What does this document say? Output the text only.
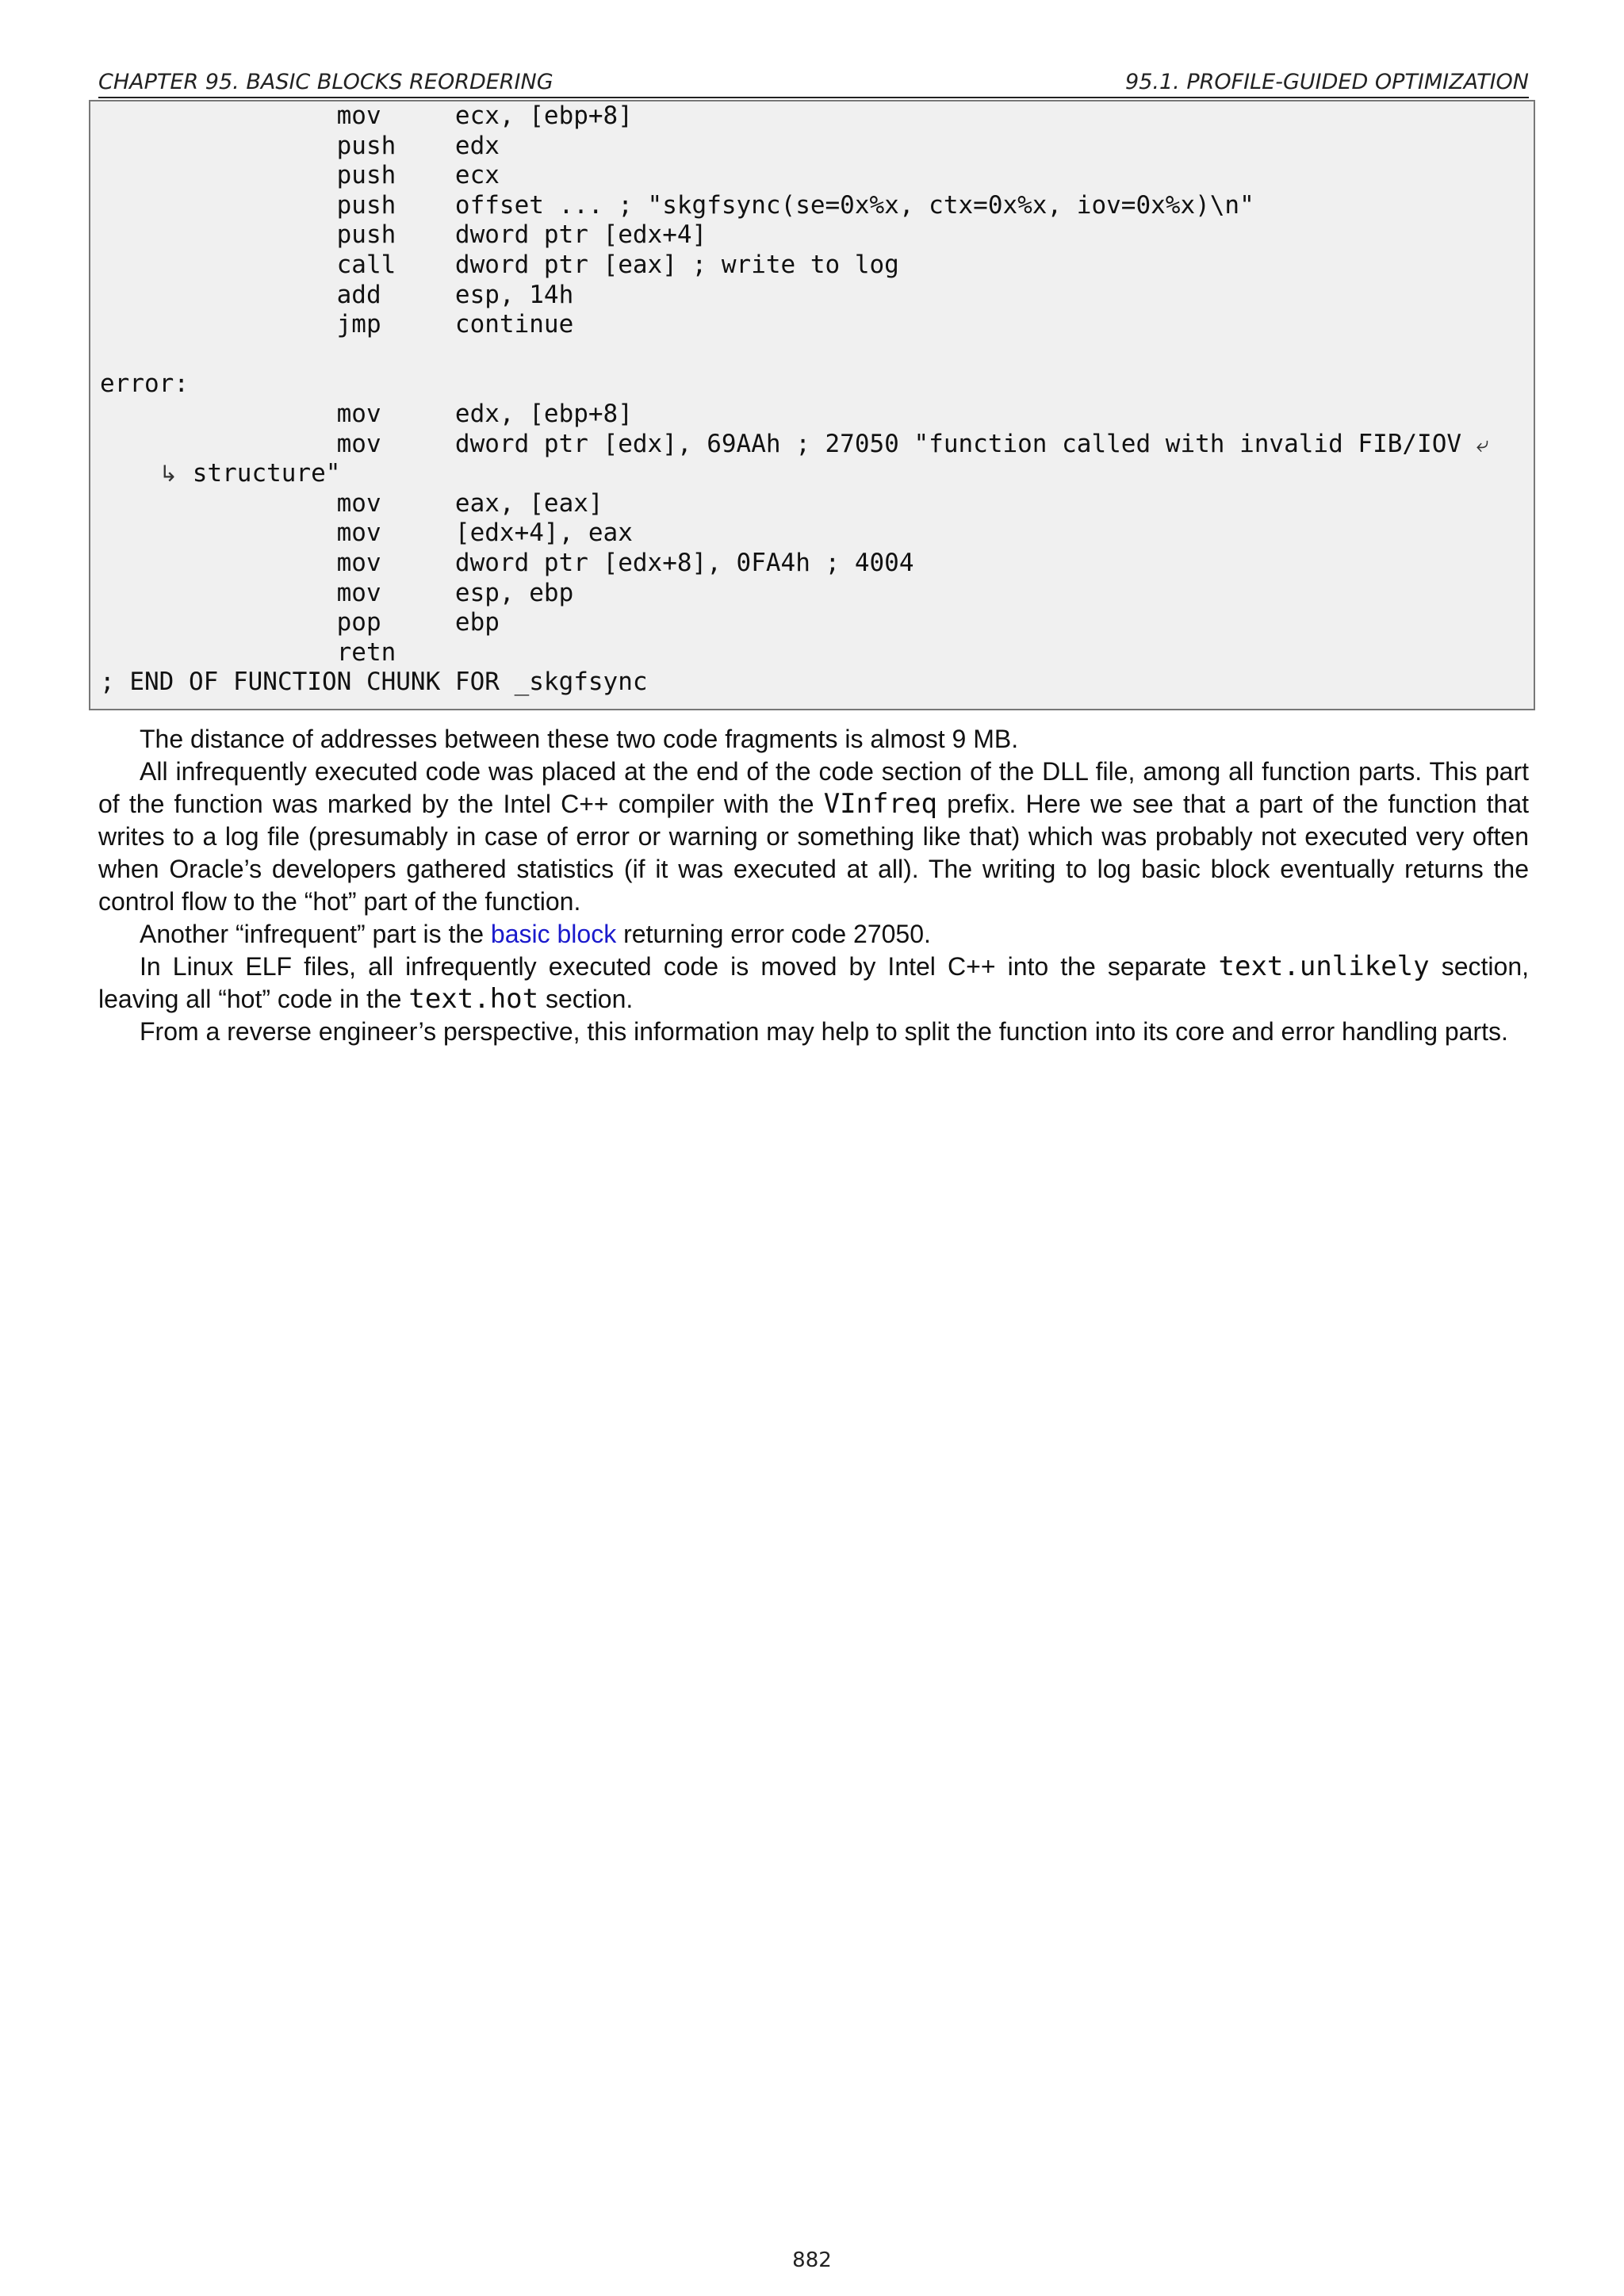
CHAPTER 95. BASIC BLOCKS REORDERING	95.1. PROFILE-GUIDED OPTIMIZATION
mov     ecx, [ebp+8]
push    edx
push    ecx
push    offset ... ; "skgfsync(se=0x%x, ctx=0x%x, iov=0x%x)\n"
push    dword ptr [edx+4]
call    dword ptr [eax] ; write to log
add     esp, 14h
jmp     continue
error:
mov     edx, [ebp+8]
mov     dword ptr [edx], 69AAh ; 27050 "function called with invalid FIB/IOV ⤶
↳ structure"
mov     eax, [eax]
mov     [edx+4], eax
mov     dword ptr [edx+8], 0FA4h ; 4004
mov     esp, ebp
pop     ebp
retn
; END OF FUNCTION CHUNK FOR _skgfsync

The distance of addresses between these two code fragments is almost 9 MB.

All infrequently executed code was placed at the end of the code section of the DLL file, among all function parts. This part of the function was marked by the Intel C++ compiler with the VInfreq prefix. Here we see that a part of the function that writes to a log file (presumably in case of error or warning or something like that) which was probably not executed very often when Oracle’s developers gathered statistics (if it was executed at all). The writing to log basic block eventually returns the control flow to the “hot” part of the function.

Another “infrequent” part is the basic block returning error code 27050.

In Linux ELF files, all infrequently executed code is moved by Intel C++ into the separate text.unlikely section, leaving all “hot” code in the text.hot section.

From a reverse engineer’s perspective, this information may help to split the function into its core and error handling parts.

882
